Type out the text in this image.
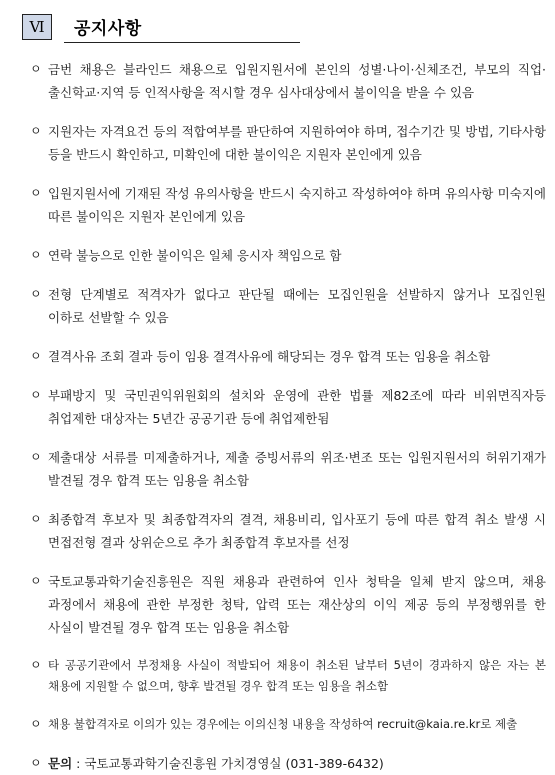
Ⅵ	공지사항
ㅇ 금번 채용은 블라인드 채용으로 입원지원서에 본인의 성별·나이·신체조건, 부모의 직업·출신학교·지역 등 인적사항을 적시할 경우 심사대상에서 불이익을 받을 수 있음
ㅇ 지원자는 자격요건 등의 적합여부를 판단하여 지원하여야 하며, 접수기간 및 방법, 기타사항 등을 반드시 확인하고, 미확인에 대한 불이익은 지원자 본인에게 있음
ㅇ 입원지원서에 기재된 작성 유의사항을 반드시 숙지하고 작성하여야 하며 유의사항 미숙지에 따른 불이익은 지원자 본인에게 있음
ㅇ 연락 불능으로 인한 불이익은 일체 응시자 책임으로 함
ㅇ 전형 단계별로 적격자가 없다고 판단될 때에는 모집인원을 선발하지 않거나 모집인원 이하로 선발할 수 있음
ㅇ 결격사유 조회 결과 등이 임용 결격사유에 해당되는 경우 합격 또는 임용을 취소함
ㅇ 부패방지 및 국민권익위원회의 설치와 운영에 관한 법률 제82조에 따라 비위면직자등 취업제한 대상자는 5년간 공공기관 등에 취업제한됨
ㅇ 제출대상 서류를 미제출하거나, 제출 증빙서류의 위조·변조 또는 입원지원서의 허위기재가 발견될 경우 합격 또는 임용을 취소함
ㅇ 최종합격 후보자 및 최종합격자의 결격, 채용비리, 입사포기 등에 따른 합격 취소 발생 시 면접전형 결과 상위순으로 추가 최종합격 후보자를 선정
ㅇ 국토교통과학기술진흥원은 직원 채용과 관련하여 인사 청탁을 일체 받지 않으며, 채용 과정에서 채용에 관한 부정한 청탁, 압력 또는 재산상의 이익 제공 등의 부정행위를 한 사실이 발견될 경우 합격 또는 임용을 취소함
ㅇ 타 공공기관에서 부정채용 사실이 적발되어 채용이 취소된 날부터 5년이 경과하지 않은 자는 본 채용에 지원할 수 없으며, 향후 발견될 경우 합격 또는 임용을 취소함
ㅇ 채용 불합격자로 이의가 있는 경우에는 이의신청 내용을 작성하여 recruit@kaia.re.kr로 제출
ㅇ 문의 : 국토교통과학기술진흥원 가치경영실 (031-389-6432)
